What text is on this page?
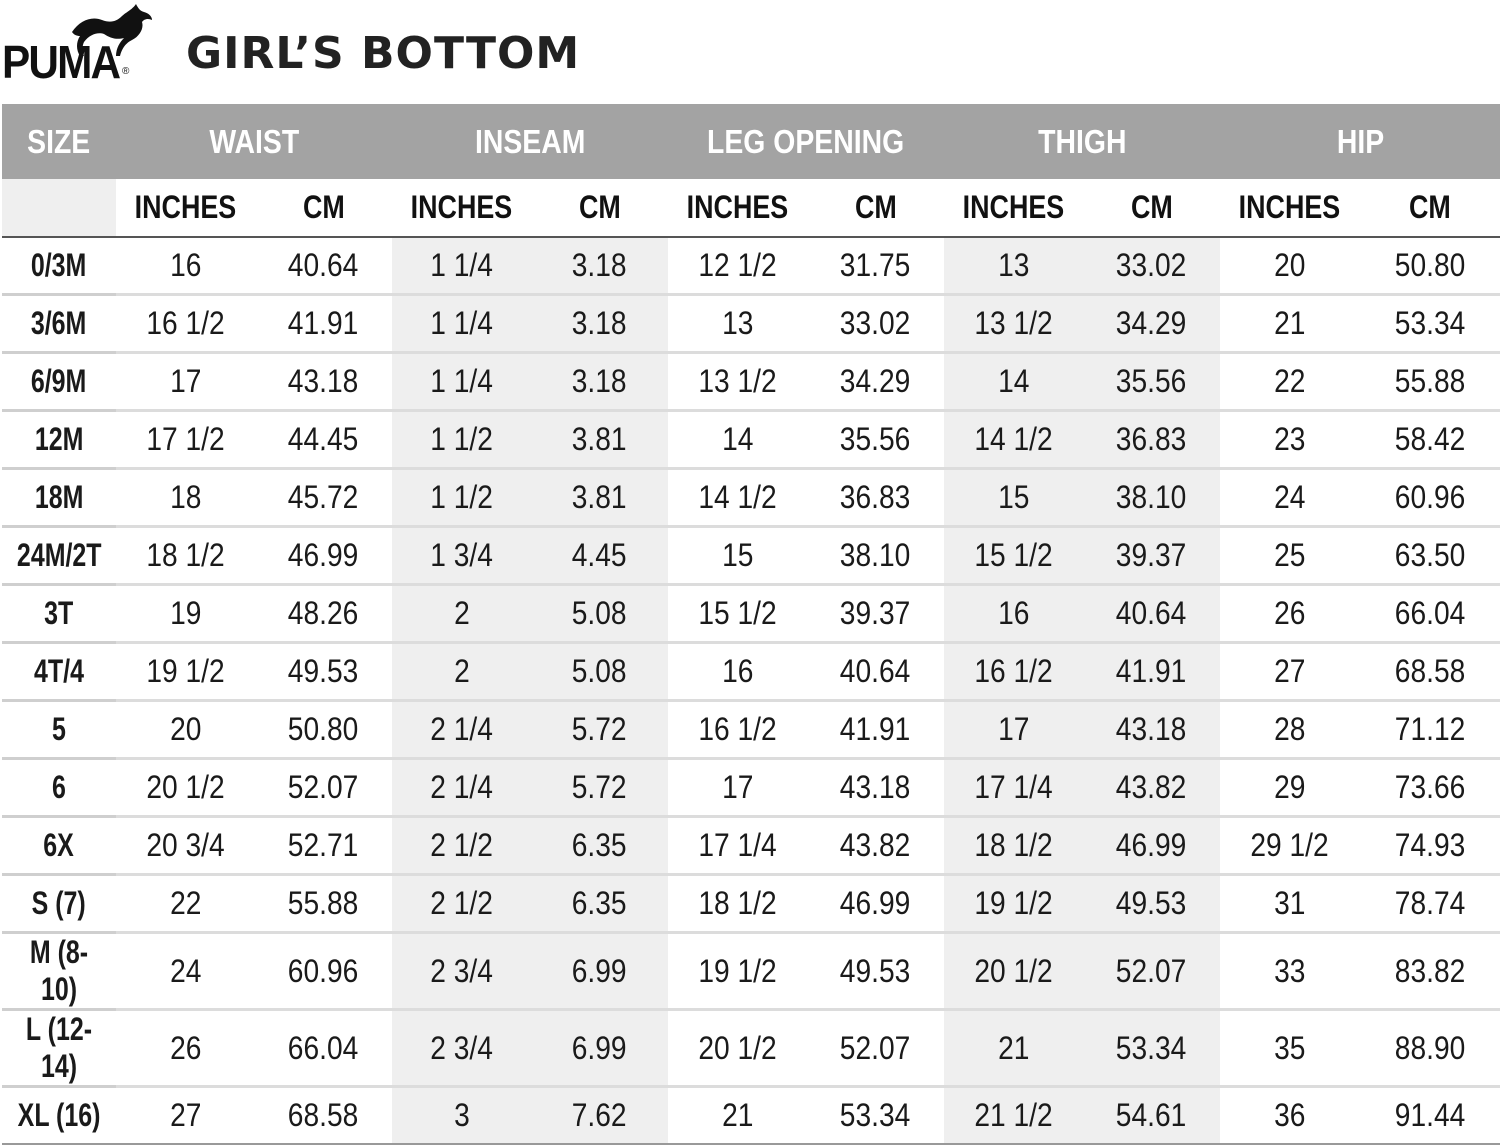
PUMA ® GIRL’S BOTTOM
SIZE	WAIST		INSEAM		LEG OPENING		THIGH		HIP	
	INCHES	CM	INCHES	CM	INCHES	CM	INCHES	CM	INCHES	CM
0/3M	16	40.64	1 1/4	3.18	12 1/2	31.75	13	33.02	20	50.80
3/6M	16 1/2	41.91	1 1/4	3.18	13	33.02	13 1/2	34.29	21	53.34
6/9M	17	43.18	1 1/4	3.18	13 1/2	34.29	14	35.56	22	55.88
12M	17 1/2	44.45	1 1/2	3.81	14	35.56	14 1/2	36.83	23	58.42
18M	18	45.72	1 1/2	3.81	14 1/2	36.83	15	38.10	24	60.96
24M/2T	18 1/2	46.99	1 3/4	4.45	15	38.10	15 1/2	39.37	25	63.50
3T	19	48.26	2	5.08	15 1/2	39.37	16	40.64	26	66.04
4T/4	19 1/2	49.53	2	5.08	16	40.64	16 1/2	41.91	27	68.58
5	20	50.80	2 1/4	5.72	16 1/2	41.91	17	43.18	28	71.12
6	20 1/2	52.07	2 1/4	5.72	17	43.18	17 1/4	43.82	29	73.66
6X	20 3/4	52.71	2 1/2	6.35	17 1/4	43.82	18 1/2	46.99	29 1/2	74.93
S (7)	22	55.88	2 1/2	6.35	18 1/2	46.99	19 1/2	49.53	31	78.74
M (8-10)	24	60.96	2 3/4	6.99	19 1/2	49.53	20 1/2	52.07	33	83.82
L (12-14)	26	66.04	2 3/4	6.99	20 1/2	52.07	21	53.34	35	88.90
XL (16)	27	68.58	3	7.62	21	53.34	21 1/2	54.61	36	91.44
